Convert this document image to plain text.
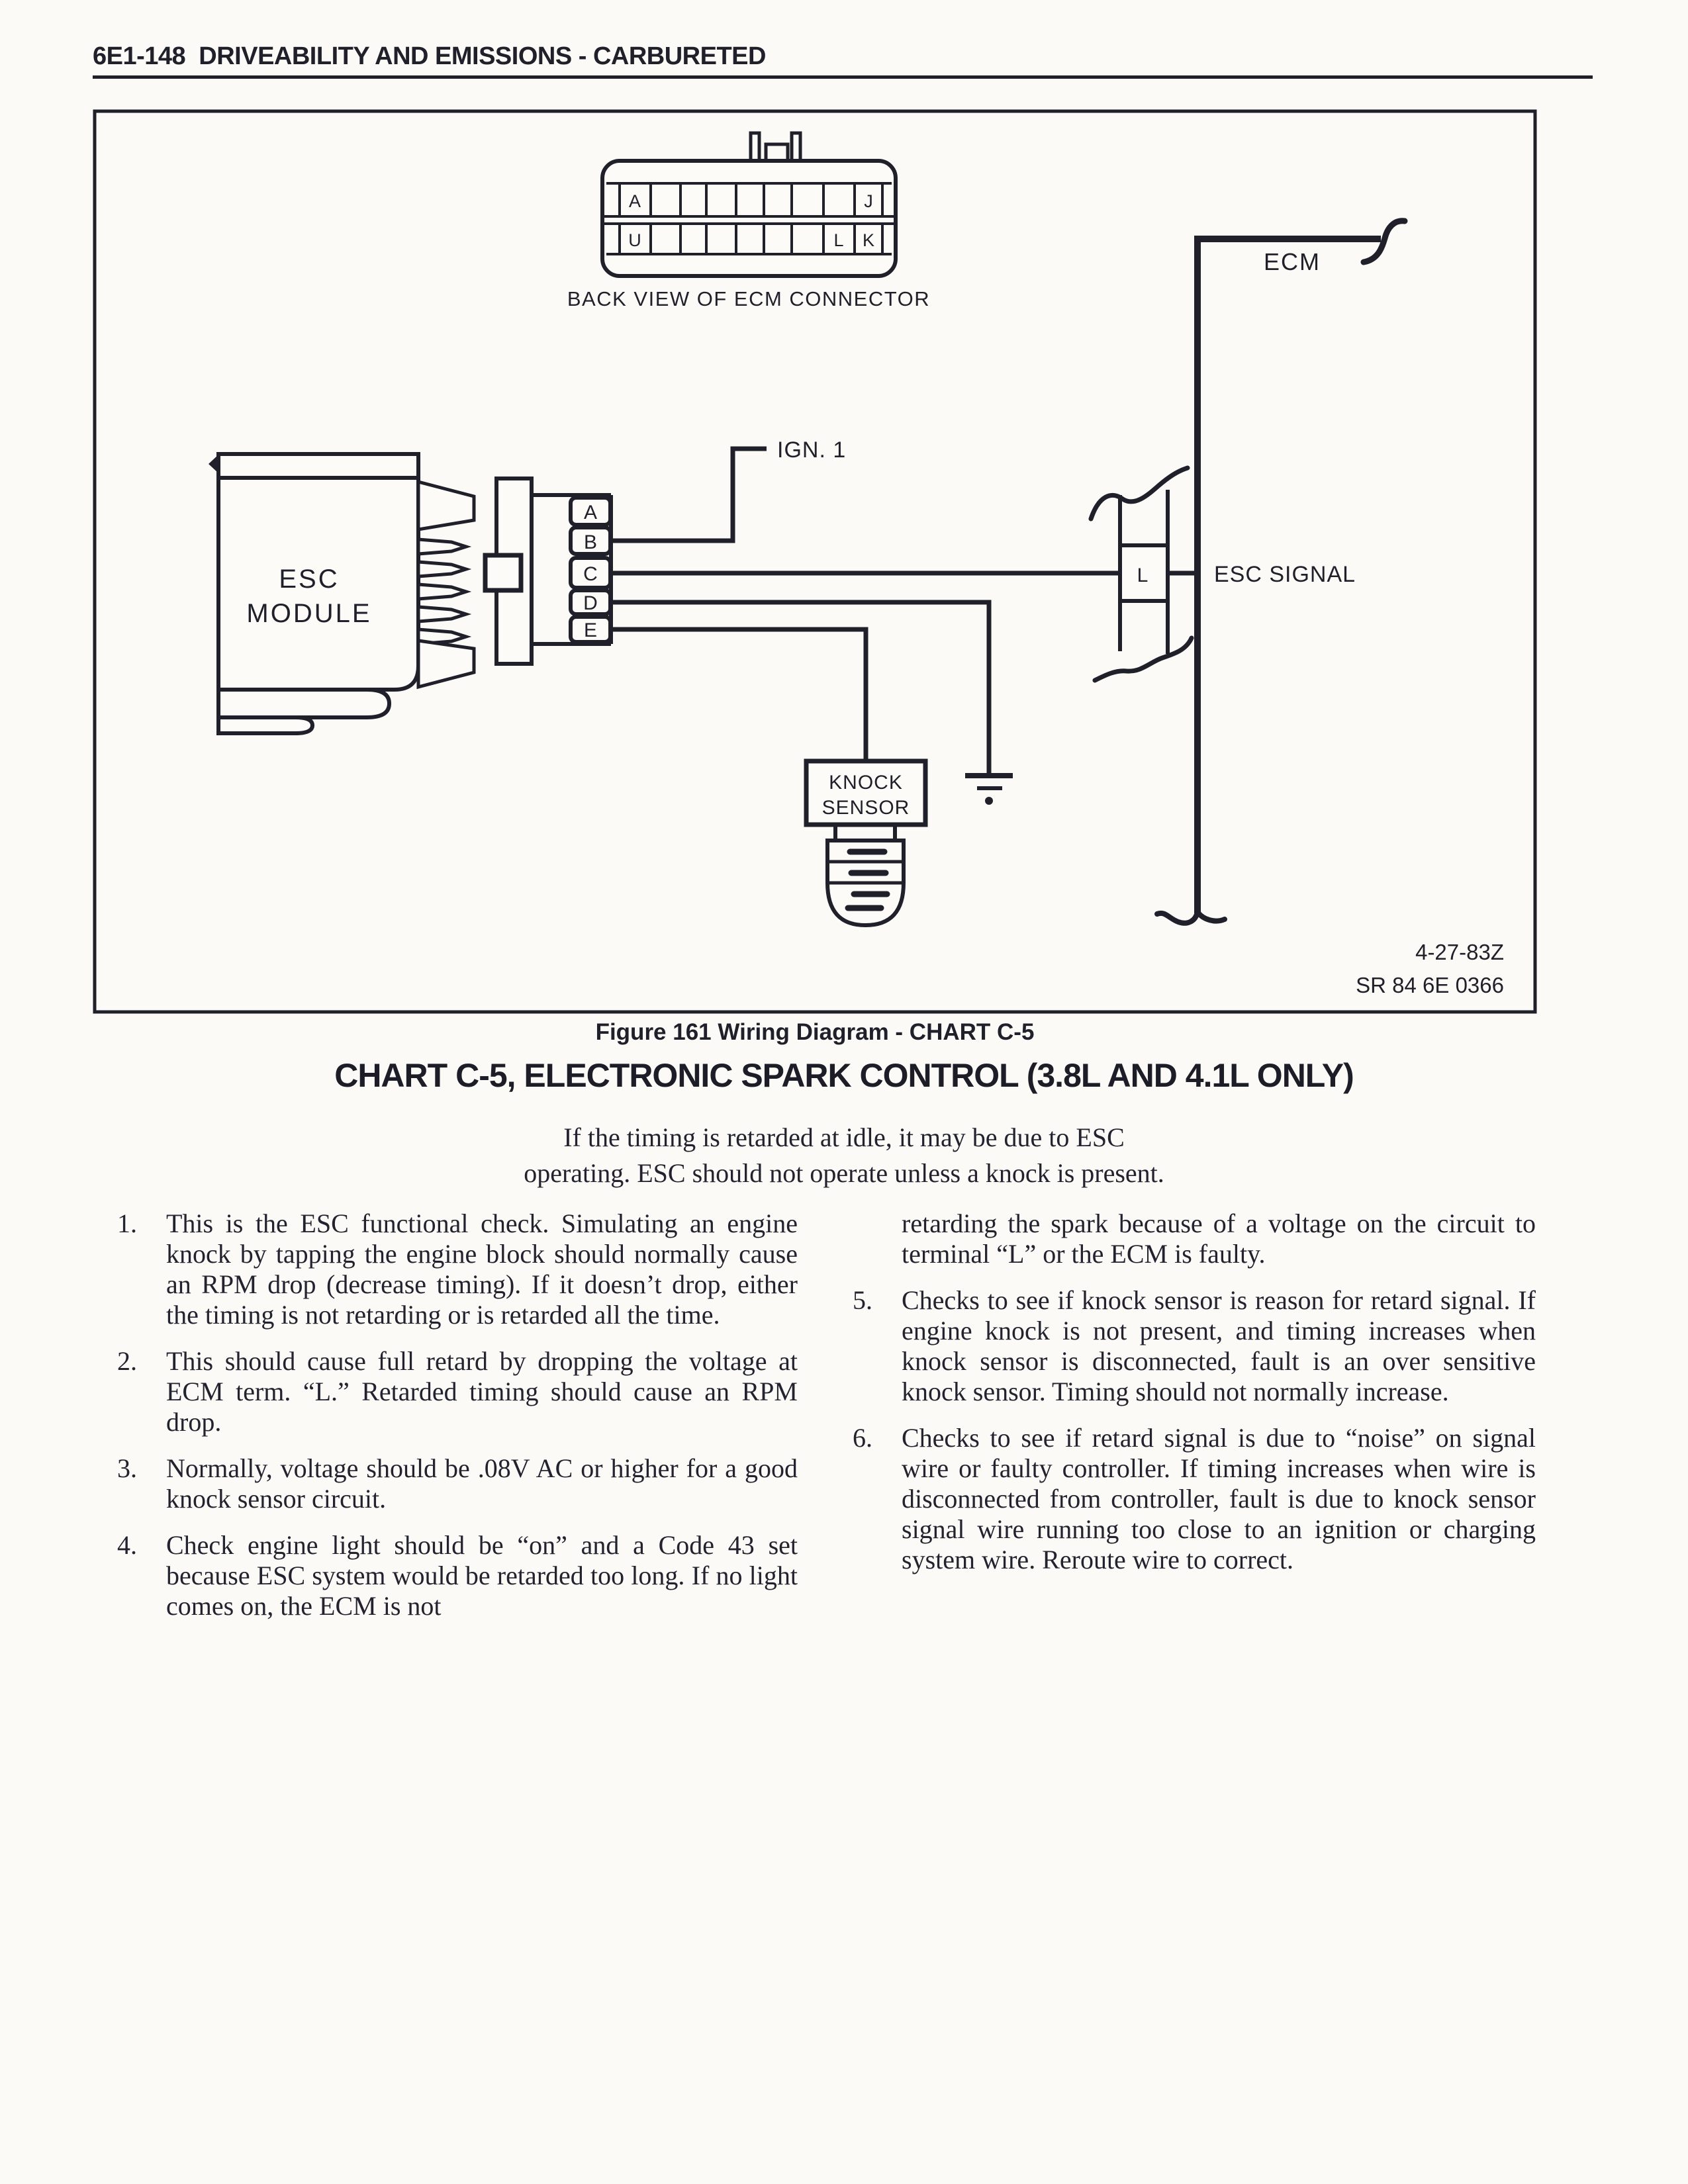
6E1-148  DRIVEABILITY AND EMISSIONS - CARBURETED
A	J
U	L K
BACK VIEW OF ECM CONNECTOR
ECM
IGN. 1
ESC
MODULE
A
B
C
D
E
L	ESC SIGNAL
KNOCK
SENSOR
4-27-83Z
SR 84 6E 0366
Figure 161 Wiring Diagram - CHART C-5
CHART C-5, ELECTRONIC SPARK CONTROL (3.8L AND 4.1L ONLY)
If the timing is retarded at idle, it may be due to ESC
operating. ESC should not operate unless a knock is present.
1.	This is the ESC functional check. Simulating an engine knock by tapping the engine block should normally cause an RPM drop (decrease timing). If it doesn’t drop, either the timing is not retarding or is retarded all the time.

2.	This should cause full retard by dropping the voltage at ECM term. “L.” Retarded timing should cause an RPM drop.

3.	Normally, voltage should be .08V AC or higher for a good knock sensor circuit.

4.	Check engine light should be “on” and a Code 43 set because ESC system would be retarded too long. If no light comes on, the ECM is not

retarding the spark because of a voltage on the circuit to terminal “L” or the ECM is faulty.

5.	Checks to see if knock sensor is reason for retard signal. If engine knock is not present, and timing increases when knock sensor is disconnected, fault is an over sensitive knock sensor. Timing should not normally increase.

6.	Checks to see if retard signal is due to “noise” on signal wire or faulty controller. If timing increases when wire is disconnected from controller, fault is due to knock sensor signal wire running too close to an ignition or charging system wire. Reroute wire to correct.
